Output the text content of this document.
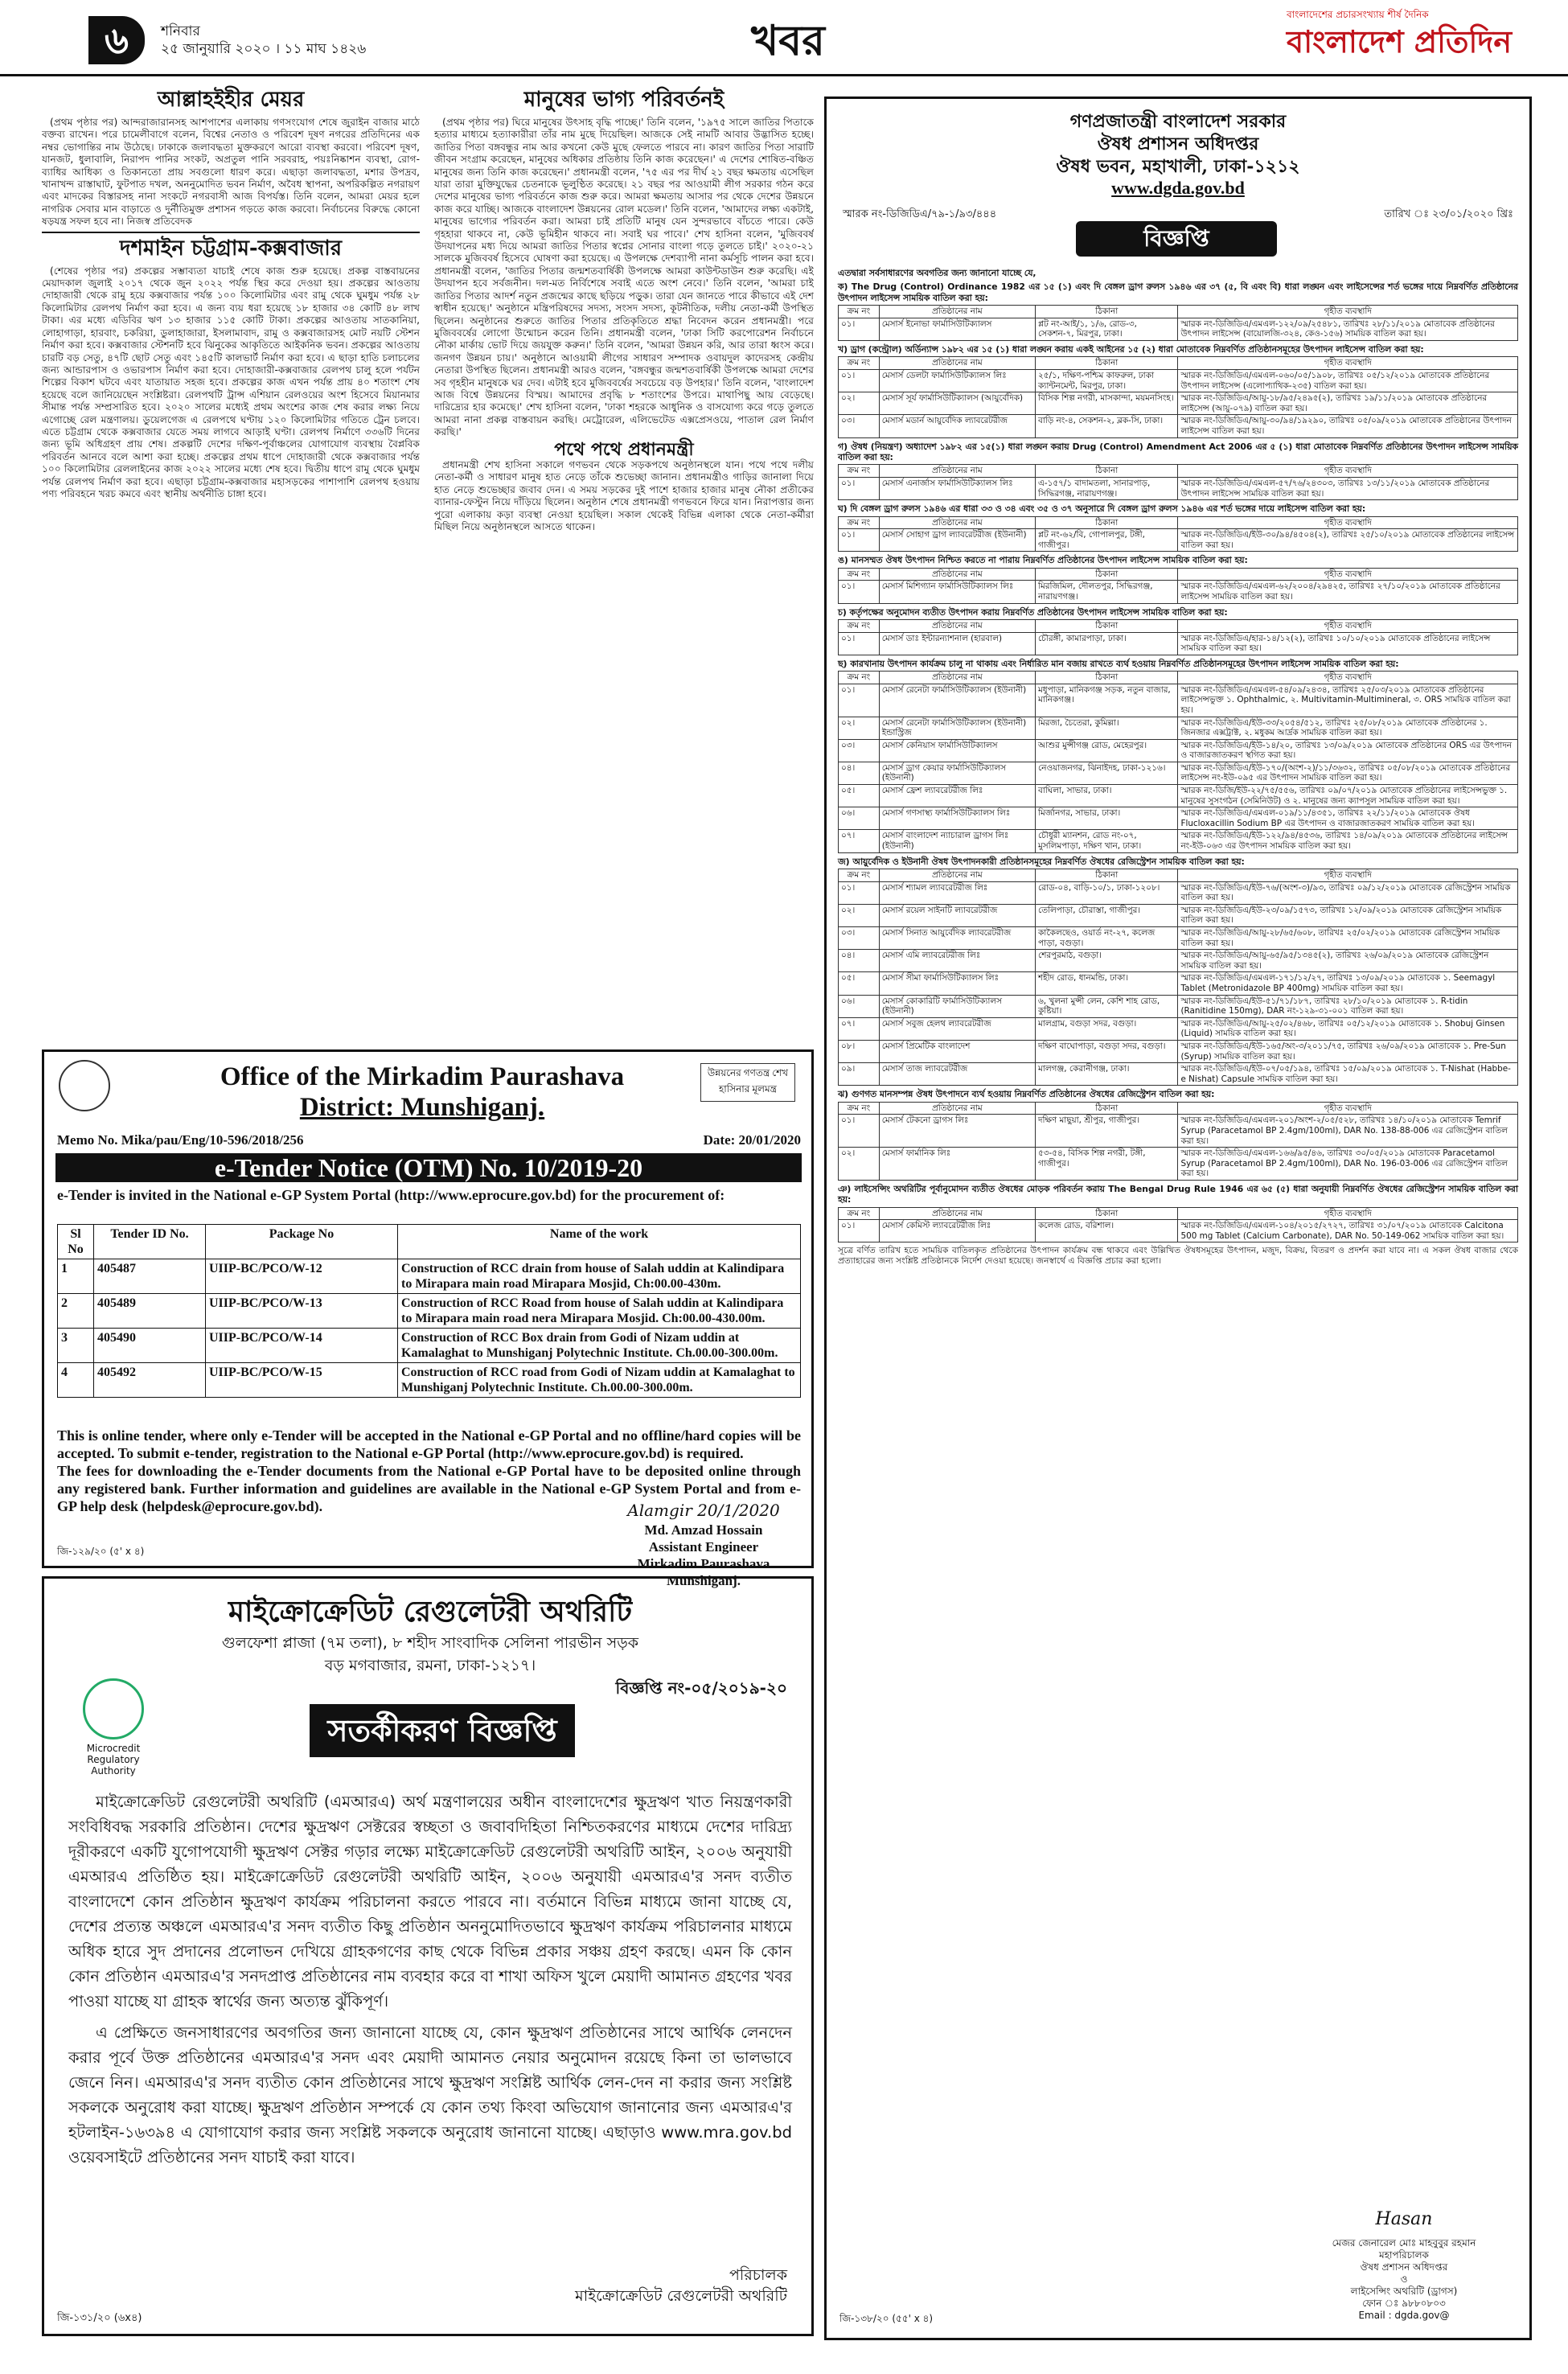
৬	শনিবার
২৫ জানুয়ারি ২০২০ । ১১ মাঘ ১৪২৬	খবর
বাংলাদেশের প্রচারসংখ্যায় শীর্ষ দৈনিক
বাংলাদেশ প্রতিদিন
আল্লাহইহীর মেয়র

(প্রথম পৃষ্ঠার পর) আন্দরাজারানসহ আশপাশের এলাকায় গণসংযোগ শেষে জুরাইন বাজার মাঠে বক্তব্য রাখেন। পরে চামেলীবাগে বলেন, বিশ্বের নেতাও ও পরিবেশ দূষণ নগরের প্রতিদিনের এক নম্বর ভোগান্তির নাম উঠেছে। ঢাকাকে জলাবদ্ধতা মুক্তকরণে আরো ব্যবস্থা করবো। পরিবেশ দূষণ, যানজট, ধুলাবালি, নিরাপদ পানির সংকট, অপ্রতুল পানি সরবরাহ, পয়ঃনিষ্কাশন ব্যবস্থা, রোগ-ব্যাধির আধিক্য ও তিকানতো প্রায় সবগুলো ধারণ করে। এছাড়া জলাবদ্ধতা, মশার উপদ্রব, খানাখন্দ রাস্তাঘাট, ফুটপাত দখল, অননুমোদিত ভবন নির্মাণ, অবৈধ স্থাপনা, অপরিকল্পিত নগরায়ণ এবং মাদকের বিস্তারসহ নানা সংকটে নগরবাসী আজ বিপর্যস্ত। তিনি বলেন, আমরা মেয়র হলে নাগরিক সেবার মান বাড়াতে ও দুর্নীতিমুক্ত প্রশাসন গড়তে কাজ করবো। নির্বাচনের বিরুদ্ধে কোনো ষড়যন্ত্র সফল হবে না। নিজস্ব প্রতিবেদক

দশমাইন চট্টগ্রাম-কক্সবাজার

(শেষের পৃষ্ঠার পর) প্রকল্পের সম্ভাব্যতা যাচাই শেষে কাজ শুরু হয়েছে। প্রকল্প বাস্তবায়নের মেয়াদকাল জুলাই ২০১৭ থেকে জুন ২০২২ পর্যন্ত স্থির করে দেওয়া হয়। প্রকল্পের আওতায় দোহাজারী থেকে রামু হয়ে কক্সবাজার পর্যন্ত ১০০ কিলোমিটার এবং রামু থেকে ঘুমধুম পর্যন্ত ২৮ কিলোমিটার রেলপথ নির্মাণ করা হবে। এ জন্য ব্যয় ধরা হয়েছে ১৮ হাজার ৩৪ কোটি ৪৮ লাখ টাকা। এর মধ্যে এডিবির ঋণ ১৩ হাজার ১১৫ কোটি টাকা। প্রকল্পের আওতায় সাতকানিয়া, লোহাগাড়া, হারবাং, চকরিয়া, ডুলাহাজারা, ইসলামাবাদ, রামু ও কক্সবাজারসহ মোট নয়টি স্টেশন নির্মাণ করা হবে। কক্সবাজার স্টেশনটি হবে ঝিনুকের আকৃতিতে আইকনিক ভবন। প্রকল্পের আওতায় চারটি বড় সেতু, ৪৭টি ছোট সেতু এবং ১৪৫টি কালভার্ট নির্মাণ করা হবে। এ ছাড়া হাতি চলাচলের জন্য আন্ডারপাস ও ওভারপাস নির্মাণ করা হবে। দোহাজারী-কক্সবাজার রেলপথ চালু হলে পর্যটন শিল্পের বিকাশ ঘটবে এবং যাতায়াত সহজ হবে। প্রকল্পের কাজ এখন পর্যন্ত প্রায় ৪০ শতাংশ শেষ হয়েছে বলে জানিয়েছেন সংশ্লিষ্টরা। রেলপথটি ট্রান্স এশিয়ান রেলওয়ের অংশ হিসেবে মিয়ানমার সীমান্ত পর্যন্ত সম্প্রসারিত হবে। ২০২০ সালের মধ্যেই প্রথম অংশের কাজ শেষ করার লক্ষ্য নিয়ে এগোচ্ছে রেল মন্ত্রণালয়। ডুয়েলগেজ এ রেলপথে ঘণ্টায় ১২০ কিলোমিটার গতিতে ট্রেন চলবে। এতে চট্টগ্রাম থেকে কক্সবাজার যেতে সময় লাগবে আড়াই ঘণ্টা। রেলপথ নির্মাণে ৩৩৬টি দিনের জন্য ভূমি অধিগ্রহণ প্রায় শেষ। প্রকল্পটি দেশের দক্ষিণ-পূর্বাঞ্চলের যোগাযোগ ব্যবস্থায় বৈপ্লবিক পরিবর্তন আনবে বলে আশা করা হচ্ছে। প্রকল্পের প্রথম ধাপে দোহাজারী থেকে কক্সবাজার পর্যন্ত ১০০ কিলোমিটার রেললাইনের কাজ ২০২২ সালের মধ্যে শেষ হবে। দ্বিতীয় ধাপে রামু থেকে ঘুমধুম পর্যন্ত রেলপথ নির্মাণ করা হবে। এছাড়া চট্টগ্রাম-কক্সবাজার মহাসড়কের পাশাপাশি রেলপথ হওয়ায় পণ্য পরিবহনে খরচ কমবে এবং স্থানীয় অর্থনীতি চাঙ্গা হবে।

মানুষের ভাগ্য পরিবর্তনই

(প্রথম পৃষ্ঠার পর) ঘিরে মানুষের উৎসাহ বৃদ্ধি পাচ্ছে।' তিনি বলেন, '১৯৭৫ সালে জাতির পিতাকে হত্যার মাধ্যমে হত্যাকারীরা তাঁর নাম মুছে দিয়েছিল। আজকে সেই নামটি আবার উদ্ভাসিত হচ্ছে। জাতির পিতা বঙ্গবন্ধুর নাম আর কখনো কেউ মুছে ফেলতে পারবে না। কারণ জাতির পিতা সারাটি জীবন সংগ্রাম করেছেন, মানুষের অধিকার প্রতিষ্ঠায় তিনি কাজ করেছেন।' এ দেশের শোষিত-বঞ্চিত মানুষের জন্য তিনি কাজ করেছেন।' প্রধানমন্ত্রী বলেন, '৭৫ এর পর দীর্ঘ ২১ বছর ক্ষমতায় এসেছিল যারা তারা মুক্তিযুদ্ধের চেতনাকে ভূলুণ্ঠিত করেছে। ২১ বছর পর আওয়ামী লীগ সরকার গঠন করে দেশের মানুষের ভাগ্য পরিবর্তনে কাজ শুরু করে। আমরা ক্ষমতায় আসার পর থেকে দেশের উন্নয়নে কাজ করে যাচ্ছি। আজকে বাংলাদেশ উন্নয়নের রোল মডেল।' তিনি বলেন, 'আমাদের লক্ষ্য একটাই, মানুষের ভাগ্যের পরিবর্তন করা। আমরা চাই প্রতিটি মানুষ যেন সুন্দরভাবে বাঁচতে পারে। কেউ গৃহহারা থাকবে না, কেউ ভূমিহীন থাকবে না। সবাই ঘর পাবে।' শেখ হাসিনা বলেন, 'মুজিববর্ষ উদযাপনের মধ্য দিয়ে আমরা জাতির পিতার স্বপ্নের সোনার বাংলা গড়ে তুলতে চাই।' ২০২০-২১ সালকে মুজিববর্ষ হিসেবে ঘোষণা করা হয়েছে। এ উপলক্ষে দেশব্যাপী নানা কর্মসূচি পালন করা হবে। প্রধানমন্ত্রী বলেন, 'জাতির পিতার জন্মশতবার্ষিকী উপলক্ষে আমরা কাউন্টডাউন শুরু করেছি। এই উদযাপন হবে সর্বজনীন। দল-মত নির্বিশেষে সবাই এতে অংশ নেবে।' তিনি বলেন, 'আমরা চাই জাতির পিতার আদর্শ নতুন প্রজন্মের কাছে ছড়িয়ে পড়ুক। তারা যেন জানতে পারে কীভাবে এই দেশ স্বাধীন হয়েছে।' অনুষ্ঠানে মন্ত্রিপরিষদের সদস্য, সংসদ সদস্য, কূটনীতিক, দলীয় নেতা-কর্মী উপস্থিত ছিলেন। অনুষ্ঠানের শুরুতে জাতির পিতার প্রতিকৃতিতে শ্রদ্ধা নিবেদন করেন প্রধানমন্ত্রী। পরে মুজিববর্ষের লোগো উন্মোচন করেন তিনি। প্রধানমন্ত্রী বলেন, 'ঢাকা সিটি করপোরেশন নির্বাচনে নৌকা মার্কায় ভোট দিয়ে জয়যুক্ত করুন।' তিনি বলেন, 'আমরা উন্নয়ন করি, আর তারা ধ্বংস করে। জনগণ উন্নয়ন চায়।' অনুষ্ঠানে আওয়ামী লীগের সাধারণ সম্পাদক ওবায়দুল কাদেরসহ কেন্দ্রীয় নেতারা উপস্থিত ছিলেন। প্রধানমন্ত্রী আরও বলেন, 'বঙ্গবন্ধুর জন্মশতবার্ষিকী উপলক্ষে আমরা দেশের সব গৃহহীন মানুষকে ঘর দেব। এটাই হবে মুজিববর্ষের সবচেয়ে বড় উপহার।' তিনি বলেন, 'বাংলাদেশ আজ বিশ্বে উন্নয়নের বিস্ময়। আমাদের প্রবৃদ্ধি ৮ শতাংশের উপরে। মাথাপিছু আয় বেড়েছে। দারিদ্র্যের হার কমেছে।' শেখ হাসিনা বলেন, 'ঢাকা শহরকে আধুনিক ও বাসযোগ্য করে গড়ে তুলতে আমরা নানা প্রকল্প বাস্তবায়ন করছি। মেট্রোরেল, এলিভেটেড এক্সপ্রেসওয়ে, পাতাল রেল নির্মাণ করছি।'

পথে পথে প্রধানমন্ত্রী

প্রধানমন্ত্রী শেখ হাসিনা সকালে গণভবন থেকে সড়কপথে অনুষ্ঠানস্থলে যান। পথে পথে দলীয় নেতা-কর্মী ও সাধারণ মানুষ হাত নেড়ে তাঁকে শুভেচ্ছা জানান। প্রধানমন্ত্রীও গাড়ির জানালা দিয়ে হাত নেড়ে শুভেচ্ছার জবাব দেন। এ সময় সড়কের দুই পাশে হাজার হাজার মানুষ নৌকা প্রতীকের ব্যানার-ফেস্টুন নিয়ে দাঁড়িয়ে ছিলেন। অনুষ্ঠান শেষে প্রধানমন্ত্রী গণভবনে ফিরে যান। নিরাপত্তার জন্য পুরো এলাকায় কড়া ব্যবস্থা নেওয়া হয়েছিল। সকাল থেকেই বিভিন্ন এলাকা থেকে নেতা-কর্মীরা মিছিল নিয়ে অনুষ্ঠানস্থলে আসতে থাকেন।

Office of the Mirkadim Paurashava
District: Munshiganj.
উন্নয়নের গণতন্ত্র শেখ হাসিনার মূলমন্ত্র
Memo No. Mika/pau/Eng/10-596/2018/256	Date: 20/01/2020
e-Tender Notice (OTM) No. 10/2019-20
e-Tender is invited in the National e-GP System Portal (http://www.eprocure.gov.bd) for the procurement of:
Sl No	Tender ID No.	Package No	Name of the work
1	405487	UIIP-BC/PCO/W-12	Construction of RCC drain from house of Salah uddin at Kalindipara to Mirapara main road Mirapara Mosjid, Ch:00.00-430m.
2	405489	UIIP-BC/PCO/W-13	Construction of RCC Road from house of Salah uddin at Kalindipara to Mirapara main road nera Mirapara Mosjid. Ch:00.00-430.00m.
3	405490	UIIP-BC/PCO/W-14	Construction of RCC Box drain from Godi of Nizam uddin at Kamalaghat to Munshiganj Polytechnic Institute. Ch.00.00-300.00m.
4	405492	UIIP-BC/PCO/W-15	Construction of RCC road from Godi of Nizam uddin at Kamalaghat to Munshiganj Polytechnic Institute. Ch.00.00-300.00m.
This is online tender, where only e-Tender will be accepted in the National e-GP Portal and no offline/hard copies will be accepted. To submit e-tender, registration to the National e-GP Portal (http://www.eprocure.gov.bd) is required.
The fees for downloading the e-Tender documents from the National e-GP Portal have to be deposited online through any registered bank. Further information and guidelines are available in the National e-GP System Portal and from e-GP help desk (helpdesk@eprocure.gov.bd).	Alamgir 20/1/2020
Md. Amzad Hossain
Assistant Engineer
Mirkadim Paurashava
Munshiganj.
জি-১২৯/২০ (৫' x ৪)
মাইক্রোক্রেডিট রেগুলেটরী অথরিটি
গুলফেশা প্লাজা (৭ম তলা), ৮ শহীদ সাংবাদিক সেলিনা পারভীন সড়ক
বড় মগবাজার, রমনা, ঢাকা-১২১৭।
বিজ্ঞপ্তি নং-০৫/২০১৯-২০
Microcredit Regulatory Authority
সতর্কীকরণ বিজ্ঞপ্তি

মাইক্রোক্রেডিট রেগুলেটরী অথরিটি (এমআরএ) অর্থ মন্ত্রণালয়ের অধীন বাংলাদেশের ক্ষুদ্রঋণ খাত নিয়ন্ত্রণকারী সংবিধিবদ্ধ সরকারি প্রতিষ্ঠান। দেশের ক্ষুদ্রঋণ সেক্টরের স্বচ্ছতা ও জবাবদিহিতা নিশ্চিতকরণের মাধ্যমে দেশের দারিদ্র্য দূরীকরণে একটি যুগোপযোগী ক্ষুদ্রঋণ সেক্টর গড়ার লক্ষ্যে মাইক্রোক্রেডিট রেগুলেটরী অথরিটি আইন, ২০০৬ অনুযায়ী এমআরএ প্রতিষ্ঠিত হয়। মাইক্রোক্রেডিট রেগুলেটরী অথরিটি আইন, ২০০৬ অনুযায়ী এমআরএ'র সনদ ব্যতীত বাংলাদেশে কোন প্রতিষ্ঠান ক্ষুদ্রঋণ কার্যক্রম পরিচালনা করতে পারবে না। বর্তমানে বিভিন্ন মাধ্যমে জানা যাচ্ছে যে, দেশের প্রত্যন্ত অঞ্চলে এমআরএ'র সনদ ব্যতীত কিছু প্রতিষ্ঠান অননুমোদিতভাবে ক্ষুদ্রঋণ কার্যক্রম পরিচালনার মাধ্যমে অধিক হারে সুদ প্রদানের প্রলোভন দেখিয়ে গ্রাহকগণের কাছ থেকে বিভিন্ন প্রকার সঞ্চয় গ্রহণ করছে। এমন কি কোন কোন প্রতিষ্ঠান এমআরএ'র সনদপ্রাপ্ত প্রতিষ্ঠানের নাম ব্যবহার করে বা শাখা অফিস খুলে মেয়াদী আমানত গ্রহণের খবর পাওয়া যাচ্ছে যা গ্রাহক স্বার্থের জন্য অত্যন্ত ঝুঁকিপূর্ণ।

এ প্রেক্ষিতে জনসাধারণের অবগতির জন্য জানানো যাচ্ছে যে, কোন ক্ষুদ্রঋণ প্রতিষ্ঠানের সাথে আর্থিক লেনদেন করার পূর্বে উক্ত প্রতিষ্ঠানের এমআরএ'র সনদ এবং মেয়াদী আমানত নেয়ার অনুমোদন রয়েছে কিনা তা ভালভাবে জেনে নিন। এমআরএ'র সনদ ব্যতীত কোন প্রতিষ্ঠানের সাথে ক্ষুদ্রঋণ সংশ্লিষ্ট আর্থিক লেন-দেন না করার জন্য সংশ্লিষ্ট সকলকে অনুরোধ করা যাচ্ছে। ক্ষুদ্রঋণ প্রতিষ্ঠান সম্পর্কে যে কোন তথ্য কিংবা অভিযোগ জানানোর জন্য এমআরএ'র হটলাইন-১৬৩৯৪ এ যোগাযোগ করার জন্য সংশ্লিষ্ট সকলকে অনুরোধ জানানো যাচ্ছে। এছাড়াও www.mra.gov.bd ওয়েবসাইটে প্রতিষ্ঠানের সনদ যাচাই করা যাবে।

পরিচালক
মাইক্রোক্রেডিট রেগুলেটরী অথরিটি
জি-১৩১/২০ (৬x৪)
গণপ্রজাতন্ত্রী বাংলাদেশ সরকার
ঔষধ প্রশাসন অধিদপ্তর
ঔষধ ভবন, মহাখালী, ঢাকা-১২১২
www.dgda.gov.bd
স্মারক নং-ডিজিডিএ/৭৯-১/৯৩/৪৪৪	তারিখ ঃ ২৩/০১/২০২০ খ্রিঃ
বিজ্ঞপ্তি
এতদ্বারা সর্বসাধারণের অবগতির জন্য জানানো যাচ্ছে যে,
ক) The Drug (Control) Ordinance 1982 এর ১৫ (১) এবং দি বেঙ্গল ড্রাগ রুলস ১৯৪৬ এর ৩৭ (৫, বি এবং বি) ধারা লঙ্ঘন এবং লাইসেন্সের শর্ত ভঙ্গের দায়ে নিম্নবর্ণিত প্রতিষ্ঠানের উৎপাদন লাইসেন্স সাময়িক বাতিল করা হয়:
ক্রম নং	প্রতিষ্ঠানের নাম	ঠিকানা	গৃহীত ব্যবস্থাদি
০১।	মেসার্স ইনোভা ফার্মাসিউটিক্যালস	প্লট নং-আই/১, ১/৬, রোড-৩, সেকশন-৭, মিরপুর, ঢাকা।	স্মারক নং-ডিজিডিএ/এমএল-১২২/০৯/২৫৪৮১, তারিখঃ ২৮/১১/২০১৯ মোতাবেক প্রতিষ্ঠানের উৎপাদন লাইসেন্স (বায়োলজি-৩২৪, কেও-১৫৬) সাময়িক বাতিল করা হয়।
খ) ড্রাগ (কন্ট্রোল) অর্ডিন্যান্স ১৯৮২ এর ১৫ (১) ধারা লঙ্ঘন করায় একই আইনের ১৫ (২) ধারা মোতাবেক নিম্নবর্ণিত প্রতিষ্ঠানসমূহের উৎপাদন লাইসেন্স বাতিল করা হয়:
ক্রম নং	প্রতিষ্ঠানের নাম	ঠিকানা	গৃহীত ব্যবস্থাদি
০১।	মেসার্স ডেলটা ফার্মাসিউটিক্যালস লিঃ	২৫/১, দক্ষিণ-পশ্চিম কাফরুল, ঢাকা ক্যান্টনমেন্ট, মিরপুর, ঢাকা।	স্মারক নং-ডিজিডিএ/এমএল-০৬০/০৫/১৯০৮, তারিখঃ ০৫/১২/২০১৯ মোতাবেক প্রতিষ্ঠানের উৎপাদন লাইসেন্স (এলোপ্যাথিক-২৩৫) বাতিল করা হয়।
০২।	মেসার্স সূর্য ফার্মাসিউটিক্যালস (আয়ুর্বেদিক)	বিসিক শিল্প নগরী, মাসকান্দা, ময়মনসিংহ।	স্মারক নং-ডিজিডিএ/আয়ু-১৮/৯৫/২৪৯৫(২), তারিখঃ ১৯/১১/২০১৯ মোতাবেক প্রতিষ্ঠানের লাইসেন্স (আয়ু-০৭৯) বাতিল করা হয়।
০৩।	মেসার্স মডার্ন আয়ুর্বেদিক ল্যাবরেটরীজ	বাড়ি নং-৪, সেকশন-২, ব্লক-সি, ঢাকা।	স্মারক নং-ডিজিডিএ/আয়ু-৩০/৯৪/১৯২৯০, তারিখঃ ০৫/০৯/২০১৯ মোতাবেক প্রতিষ্ঠানের উৎপাদন লাইসেন্স বাতিল করা হয়।
গ) ঔষধ (নিয়ন্ত্রণ) অধ্যাদেশ ১৯৮২ এর ১৫(১) ধারা লঙ্ঘন করায় Drug (Control) Amendment Act 2006 এর ৫ (১) ধারা মোতাবেক নিম্নবর্ণিত প্রতিষ্ঠানের উৎপাদন লাইসেন্স সাময়িক বাতিল করা হয়:
ক্রম নং	প্রতিষ্ঠানের নাম	ঠিকানা	গৃহীত ব্যবস্থাদি
০১।	মেসার্স এনার্জাস ফার্মাসিউটিক্যালস লিঃ	এ-১৫৭/১ বাদামতলা, সানারপাড়, সিদ্ধিরগঞ্জ, নারায়ণগঞ্জ।	স্মারক নং-ডিজিডিএ/এমএল-৫৭/৭৬/২৪৩০৩, তারিখঃ ১৩/১১/২০১৯ মোতাবেক প্রতিষ্ঠানের উৎপাদন লাইসেন্স সাময়িক বাতিল করা হয়।
ঘ) দি বেঙ্গল ড্রাগ রুলস ১৯৪৬ এর ধারা ৩৩ ও ৩৪ এবং ৩৫ ও ৩৭ অনুসারে দি বেঙ্গল ড্রাগ রুলস ১৯৪৬ এর শর্ত ভঙ্গের দায়ে লাইসেন্স বাতিল করা হয়:
ক্রম নং	প্রতিষ্ঠানের নাম	ঠিকানা	গৃহীত ব্যবস্থাদি
০১।	মেসার্স সোহাগ ড্রাগ ল্যাবরেটরীজ (ইউনানী)	প্লট নং-৬২/বি, গোপালপুর, টঙ্গী, গাজীপুর।	স্মারক নং-ডিজিডিএ/ইউ-৩০/৯৪/৪৫০৪(২), তারিখঃ ২৫/১০/২০১৯ মোতাবেক প্রতিষ্ঠানের লাইসেন্স বাতিল করা হয়।
ঙ) মানসম্মত ঔষধ উৎপাদন নিশ্চিত করতে না পারায় নিম্নবর্ণিত প্রতিষ্ঠানের উৎপাদন লাইসেন্স সাময়িক বাতিল করা হয়:
ক্রম নং	প্রতিষ্ঠানের নাম	ঠিকানা	গৃহীত ব্যবস্থাদি
০১।	মেসার্স মিশিগ্যান ফার্মাসিউটিক্যালস লিঃ	মিরজিমিল, দৌলতপুর, সিদ্ধিরগঞ্জ, নারায়ণগঞ্জ।	স্মারক নং-ডিজিডিএ/এমএল-৬২/২০০৪/২৯৪২৫, তারিখঃ ২৭/১০/২০১৯ মোতাবেক প্রতিষ্ঠানের লাইসেন্স সাময়িক বাতিল করা হয়।
চ) কর্তৃপক্ষের অনুমোদন ব্যতীত উৎপাদন করায় নিম্নবর্ণিত প্রতিষ্ঠানের উৎপাদন লাইসেন্স সাময়িক বাতিল করা হয়:
ক্রম নং	প্রতিষ্ঠানের নাম	ঠিকানা	গৃহীত ব্যবস্থাদি
০১।	মেসার্স ডাঃ ইন্টারন্যাশনাল (হারবাল)	চৌরঙ্গী, কামারপাড়া, ঢাকা।	স্মারক নং-ডিজিডিএ/হার-১৪/১২(২), তারিখঃ ১০/১০/২০১৯ মোতাবেক প্রতিষ্ঠানের লাইসেন্স সাময়িক বাতিল করা হয়।
ছ) কারখানায় উৎপাদন কার্যক্রম চালু না থাকায় এবং নির্ধারিত মান বজায় রাখতে ব্যর্থ হওয়ায় নিম্নবর্ণিত প্রতিষ্ঠানসমূহের উৎপাদন লাইসেন্স সাময়িক বাতিল করা হয়:
ক্রম নং	প্রতিষ্ঠানের নাম	ঠিকানা	গৃহীত ব্যবস্থাদি
০১।	মেসার্স রেনেটা ফার্মাসিউটিক্যালস (ইউনানী)	মধুপাড়া, মানিকগঞ্জ সড়ক, নতুন বাজার, মানিকগঞ্জ।	স্মারক নং-ডিজিডিএ/এমএল-৫৪/০৯/২৪৩৪, তারিখঃ ২৫/০৩/২০১৯ মোতাবেক প্রতিষ্ঠানের লাইসেন্সভুক্ত ১. Ophthalmic, ২. Multivitamin-Multimineral, ৩. ORS সাময়িক বাতিল করা হয়।
০২।	মেসার্স রেনেটা ফার্মাসিউটিক্যালস (ইউনানী) ইন্ডাস্ট্রিজ	মিরজা, চৈতেরা, কুমিল্লা।	স্মারক নং-ডিজিডিএ/ইউ-৩৩/২০৫৪/৫১২, তারিখঃ ২৫/০৮/২০১৯ মোতাবেক প্রতিষ্ঠানের ১. জিনজার এক্সট্রাক্ট, ২. মধুকম আর্দ্রক সাময়িক বাতিল করা হয়।
০৩।	মেসার্স কেনিয়াস ফার্মাসিউটিক্যালস	আশুর মুন্সীগঞ্জ রোড, মেহেরপুর।	স্মারক নং-ডিজিডিএ/ইউ-১৪/২০, তারিখঃ ১৩/০৯/২০১৯ মোতাবেক প্রতিষ্ঠানের ORS এর উৎপাদন ও বাজারজাতকরণ স্থগিত করা হয়।
০৪।	মেসার্স ড্রাগ কেয়ার ফার্মাসিউটিক্যালস (ইউনানী)	নেওয়াজনগর, ঝিনাইদহ, ঢাকা-১২১৬।	স্মারক নং-ডিজিডিএ/ইউ-১৭০/(অংশ-২)/১১/৩৬৩২, তারিখঃ ০৫/০৮/২০১৯ মোতাবেক প্রতিষ্ঠানের লাইসেন্স নং-ইউ-০৯৫ এর উৎপাদন সাময়িক বাতিল করা হয়।
০৫।	মেসার্স ফ্রেশ ল্যাবরেটরীজ লিঃ	বাঘিলা, সাভার, ঢাকা।	স্মারক নং-ডিজি/ইউ-২২/৭৫/৫৫৬, তারিখঃ ০৯/০৭/২০১৯ মোতাবেক প্রতিষ্ঠানের লাইসেন্সভুক্ত ১. মানুষের সুসংগঠন (সেমিনিউট) ও ২. মানুষের জন্য ক্যাপসুল সাময়িক বাতিল করা হয়।
০৬।	মেসার্স গণসাস্থ্য ফার্মাসিউটিক্যালস লিঃ	মির্জানগর, সাভার, ঢাকা।	স্মারক নং-ডিজিডিএ/এমএল-০১৯/১১/৪৩৫১, তারিখঃ ২২/১১/২০১৯ মোতাবেক ঔষধ Flucloxacillin Sodium BP এর উৎপাদন ও বাজারজাতকরণ সাময়িক বাতিল করা হয়।
০৭।	মেসার্স বাংলাদেশ ন্যাচারাল ড্রাগস লিঃ (ইউনানী)	চৌধুরী ম্যানশন, রোড নং-০৭, মুসলিমপাড়া, দক্ষিণ খান, ঢাকা।	স্মারক নং-ডিজিডিএ/ইউ-১২২/৯৪/৪৫৩৬, তারিখঃ ১৪/০৯/২০১৯ মোতাবেক প্রতিষ্ঠানের লাইসেন্স নং-ইউ-০৬৩ এর উৎপাদন সাময়িক বাতিল করা হয়।
জ) আয়ুর্বেদিক ও ইউনানী ঔষধ উৎপাদনকারী প্রতিষ্ঠানসমূহের নিম্নবর্ণিত ঔষধের রেজিস্ট্রেশন সাময়িক বাতিল করা হয়:
ক্রম নং	প্রতিষ্ঠানের নাম	ঠিকানা	গৃহীত ব্যবস্থাদি
০১।	মেসার্স শ্যামল ল্যাবরেটরীজ লিঃ	রোড-০৪, বাড়ি-১০/১, ঢাকা-১২০৮।	স্মারক নং-ডিজিডিএ/ইউ-৭৬/(অংশ-৩)/৯৩, তারিখঃ ০৯/১২/২০১৯ মোতাবেক রেজিস্ট্রেশন সাময়িক বাতিল করা হয়।
০২।	মেসার্স রয়েল সাইনটি ল্যাবরেটরীজ	তেলিপাড়া, চৌরাস্তা, গাজীপুর।	স্মারক নং-ডিজিডিএ/ইউ-২৩/০৯/১৫৭৩, তারিখঃ ১২/০৯/২০১৯ মোতাবেক রেজিস্ট্রেশন সাময়িক বাতিল করা হয়।
০৩।	মেসার্স সিনাত আয়ুর্বেদিক ল্যাবরেটরীজ	কাকৈলছেও, ওয়ার্ড নং-২৭, কলেজ পাড়া, বগুড়া।	স্মারক নং-ডিজিডিএ/আয়ু-২৮/৬৫/৬০৮, তারিখঃ ২৫/০২/২০১৯ মোতাবেক রেজিস্ট্রেশন সাময়িক বাতিল করা হয়।
০৪।	মেসার্স এমি ল্যাবরেটরীজ লিঃ	শেরপুরমাঠ, বগুড়া।	স্মারক নং-ডিজিডিএ/আয়ু-৬৫/৯৫/১৩৪৫(২), তারিখঃ ২৬/০৯/২০১৯ মোতাবেক রেজিস্ট্রেশন সাময়িক বাতিল করা হয়।
০৫।	মেসার্স সীমা ফার্মাসিউটিক্যালস লিঃ	শহীদ রোড, ধানমন্ডি, ঢাকা।	স্মারক নং-ডিজিডিএ/এমএল-১৭১/১২/২৭, তারিখঃ ১৩/০৯/২০১৯ মোতাবেক ১. Seemagyl Tablet (Metronidazole BP 400mg) সাময়িক বাতিল করা হয়।
০৬।	মেসার্স কোকারিটি ফার্মাসিউটিক্যালস (ইউনানী)	৬, খুলনা মুন্সী লেন, কেশি শাহ রোড, কুষ্টিয়া।	স্মারক নং-ডিজিডিএ/ইউ-৫১/৭১/১৮৭, তারিখঃ ২৮/১০/২০১৯ মোতাবেক ১. R-tidin (Ranitidine 150mg), DAR নং-১২৯-৩১-০০১ বাতিল করা হয়।
০৭।	মেসার্স সবুজ হেলথ ল্যাবরেটরীজ	মালগ্রাম, বগুড়া সদর, বগুড়া।	স্মারক নং-ডিজিডিএ/আয়ু-২৫/০২/৪৬৮, তারিখঃ ০৫/১২/২০১৯ মোতাবেক ১. Shobuj Ginsen (Liquid) সাময়িক বাতিল করা হয়।
০৮।	মেসার্স প্রিমেটিক বাংলাদেশ	দক্ষিণ বাঘোপাড়া, বগুড়া সদর, বগুড়া।	স্মারক নং-ডিজিডিএ/ইউ-১৬৫/অং-৩/২০১১/৭৫, তারিখঃ ২৬/০৯/২০১৯ মোতাবেক ১. Pre-Sun (Syrup) সাময়িক বাতিল করা হয়।
০৯।	মেসার্স তাজ ল্যাবরেটরীজ	মালগঞ্জ, কেরানীগঞ্জ, ঢাকা।	স্মারক নং-ডিজিডিএ/ইউ-০৭/০৫/১৯৪, তারিখঃ ১৫/০৯/২০১৯ মোতাবেক ১. T-Nishat (Habbe-e Nishat) Capsule সাময়িক বাতিল করা হয়।
ঝ) গুণগত মানসম্পন্ন ঔষধ উৎপাদনে ব্যর্থ হওয়ায় নিম্নবর্ণিত প্রতিষ্ঠানের ঔষধের রেজিস্ট্রেশন বাতিল করা হয়:
ক্রম নং	প্রতিষ্ঠানের নাম	ঠিকানা	গৃহীত ব্যবস্থাদি
০১।	মেসার্স টেকনো ড্রাগস লিঃ	দক্ষিণ মাছুয়া, শ্রীপুর, গাজীপুর।	স্মারক নং-ডিজিডিএ/এমএল-২০১/অংশ-২/০৫/৫২৮, তারিখঃ ১৪/১০/২০১৯ মোতাবেক Temrif Syrup (Paracetamol BP 2.4gm/100ml), DAR No. 138-88-006 এর রেজিস্ট্রেশন বাতিল করা হয়।
০২।	মেসার্স ফার্মানিক লিঃ	৫৩-৫৪, বিসিক শিল্প নগরী, টঙ্গী, গাজীপুর।	স্মারক নং-ডিজিডিএ/এমএল-১৬৬/৯৫/৪৬, তারিখঃ ৩০/০৫/২০১৯ মোতাবেক Paracetamol Syrup (Paracetamol BP 2.4gm/100ml), DAR No. 196-03-006 এর রেজিস্ট্রেশন বাতিল করা হয়।
ঞ) লাইসেন্সিং অথরিটির পূর্বানুমোদন ব্যতীত ঔষধের মোড়ক পরিবর্তন করায় The Bengal Drug Rule 1946 এর ৬৫ (৫) ধারা অনুযায়ী নিম্নবর্ণিত ঔষধের রেজিস্ট্রেশন সাময়িক বাতিল করা হয়:
ক্রম নং	প্রতিষ্ঠানের নাম	ঠিকানা	গৃহীত ব্যবস্থাদি
০১।	মেসার্স কেমিস্ট ল্যাবরেটরীজ লিঃ	কলেজ রোড, বরিশাল।	স্মারক নং-ডিজিডিএ/এমএল-১০৪/২০১৫/২৭২৭, তারিখঃ ৩১/০৭/২০১৯ মোতাবেক Calcitona 500 mg Tablet (Calcium Carbonate), DAR No. 50-149-062 সাময়িক বাতিল করা হয়।
সূত্রে বর্ণিত তারিখ হতে সাময়িক বাতিলকৃত প্রতিষ্ঠানের উৎপাদন কার্যক্রম বন্ধ থাকবে এবং উল্লিখিত ঔষধসমূহের উৎপাদন, মজুদ, বিক্রয়, বিতরণ ও প্রদর্শন করা যাবে না। এ সকল ঔষধ বাজার থেকে প্রত্যাহারের জন্য সংশ্লিষ্ট প্রতিষ্ঠানকে নির্দেশ দেওয়া হয়েছে। জনস্বার্থে এ বিজ্ঞপ্তি প্রচার করা হলো।
Hasan
মেজর জেনারেল মোঃ মাহবুবুর রহমান
মহাপরিচালক
ঔষধ প্রশাসন অধিদপ্তর
ও
লাইসেন্সিং অথরিটি (ড্রাগস)
ফোন ঃ ৯৮৮০৮০৩
Email : dgda.gov@
জি-১৩৮/২০ (৫৫' x ৪)
